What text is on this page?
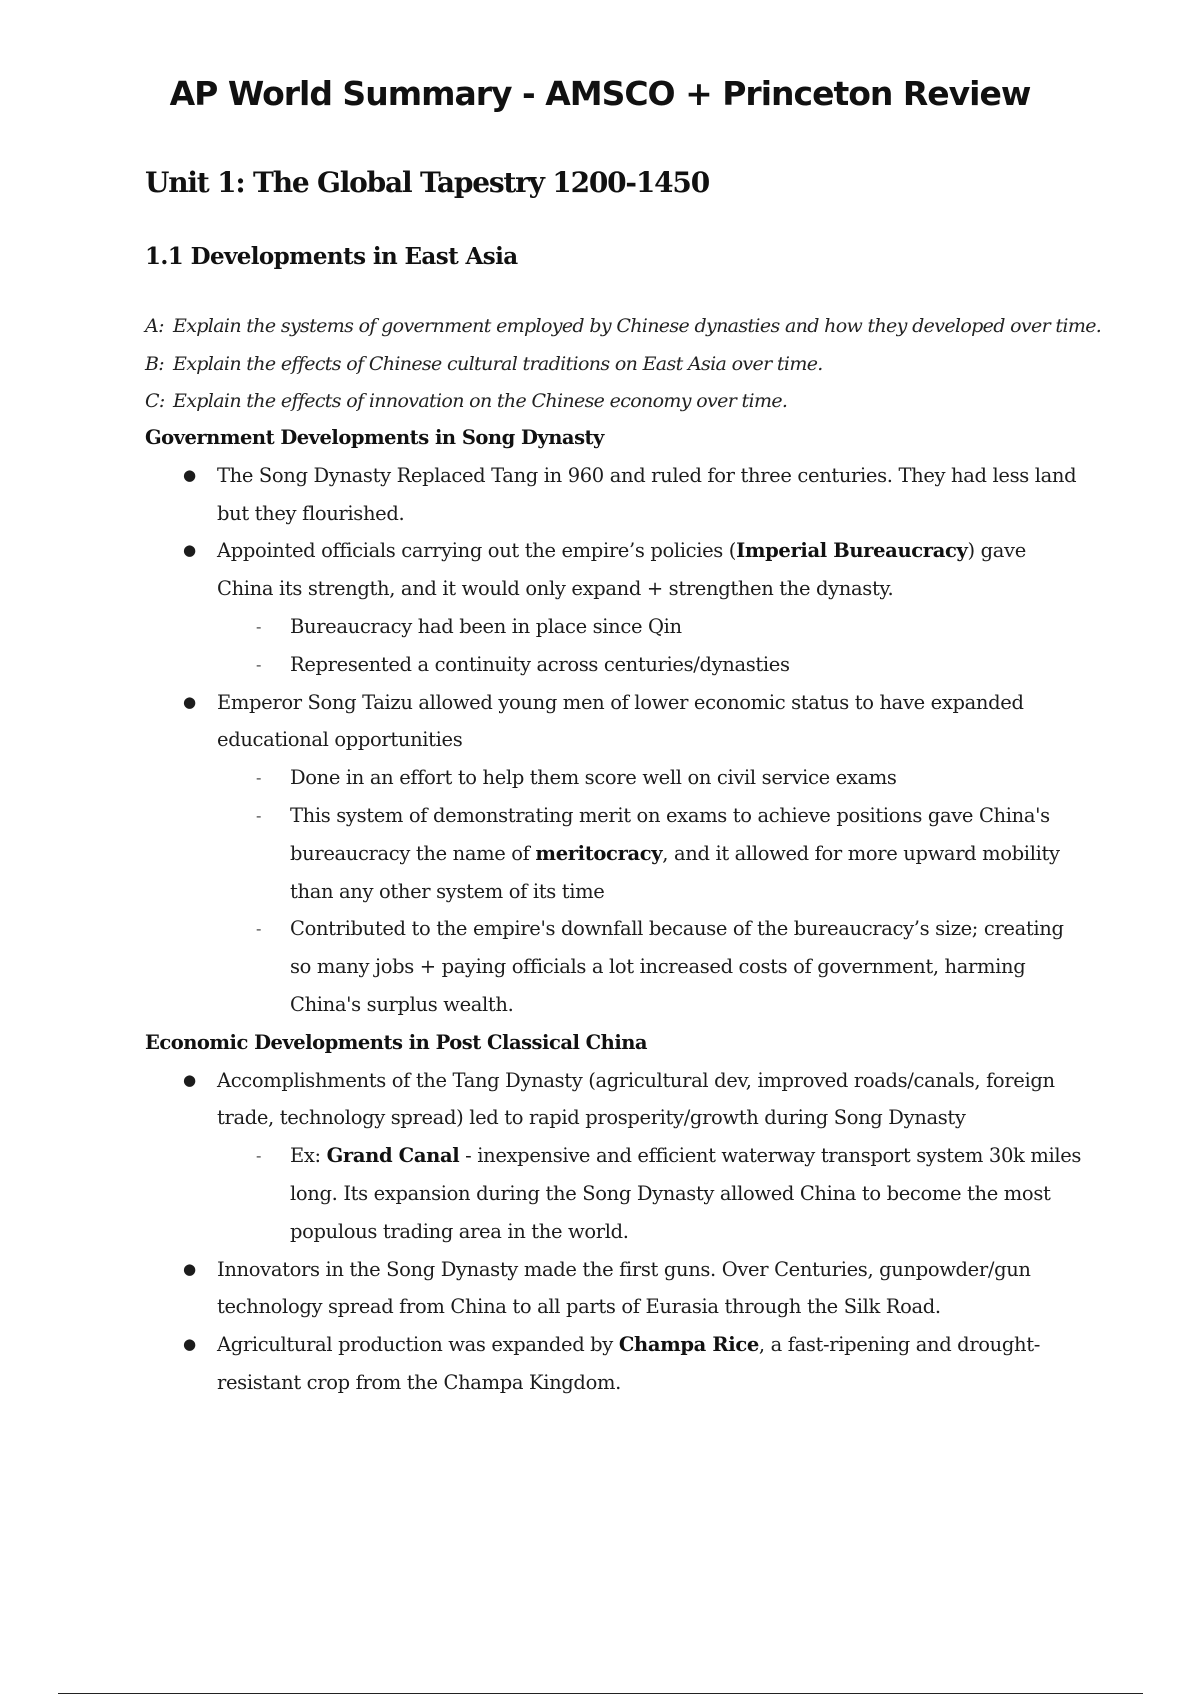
AP World Summary - AMSCO + Princeton Review
Unit 1: The Global Tapestry 1200-1450
1.1 Developments in East Asia
A: Explain the systems of government employed by Chinese dynasties and how they developed over time.
B: Explain the effects of Chinese cultural traditions on East Asia over time.
C: Explain the effects of innovation on the Chinese economy over time.
Government Developments in Song Dynasty
● The Song Dynasty Replaced Tang in 960 and ruled for three centuries. They had less land but they flourished.
● Appointed officials carrying out the empire’s policies (Imperial Bureaucracy) gave China its strength, and it would only expand + strengthen the dynasty.
- Bureaucracy had been in place since Qin
- Represented a continuity across centuries/dynasties
● Emperor Song Taizu allowed young men of lower economic status to have expanded educational opportunities
- Done in an effort to help them score well on civil service exams
- This system of demonstrating merit on exams to achieve positions gave China's bureaucracy the name of meritocracy, and it allowed for more upward mobility than any other system of its time
- Contributed to the empire's downfall because of the bureaucracy’s size; creating so many jobs + paying officials a lot increased costs of government, harming China's surplus wealth.
Economic Developments in Post Classical China
● Accomplishments of the Tang Dynasty (agricultural dev, improved roads/canals, foreign trade, technology spread) led to rapid prosperity/growth during Song Dynasty
- Ex: Grand Canal - inexpensive and efficient waterway transport system 30k miles long. Its expansion during the Song Dynasty allowed China to become the most populous trading area in the world.
● Innovators in the Song Dynasty made the first guns. Over Centuries, gunpowder/gun technology spread from China to all parts of Eurasia through the Silk Road.
● Agricultural production was expanded by Champa Rice, a fast-ripening and drought-resistant crop from the Champa Kingdom.
